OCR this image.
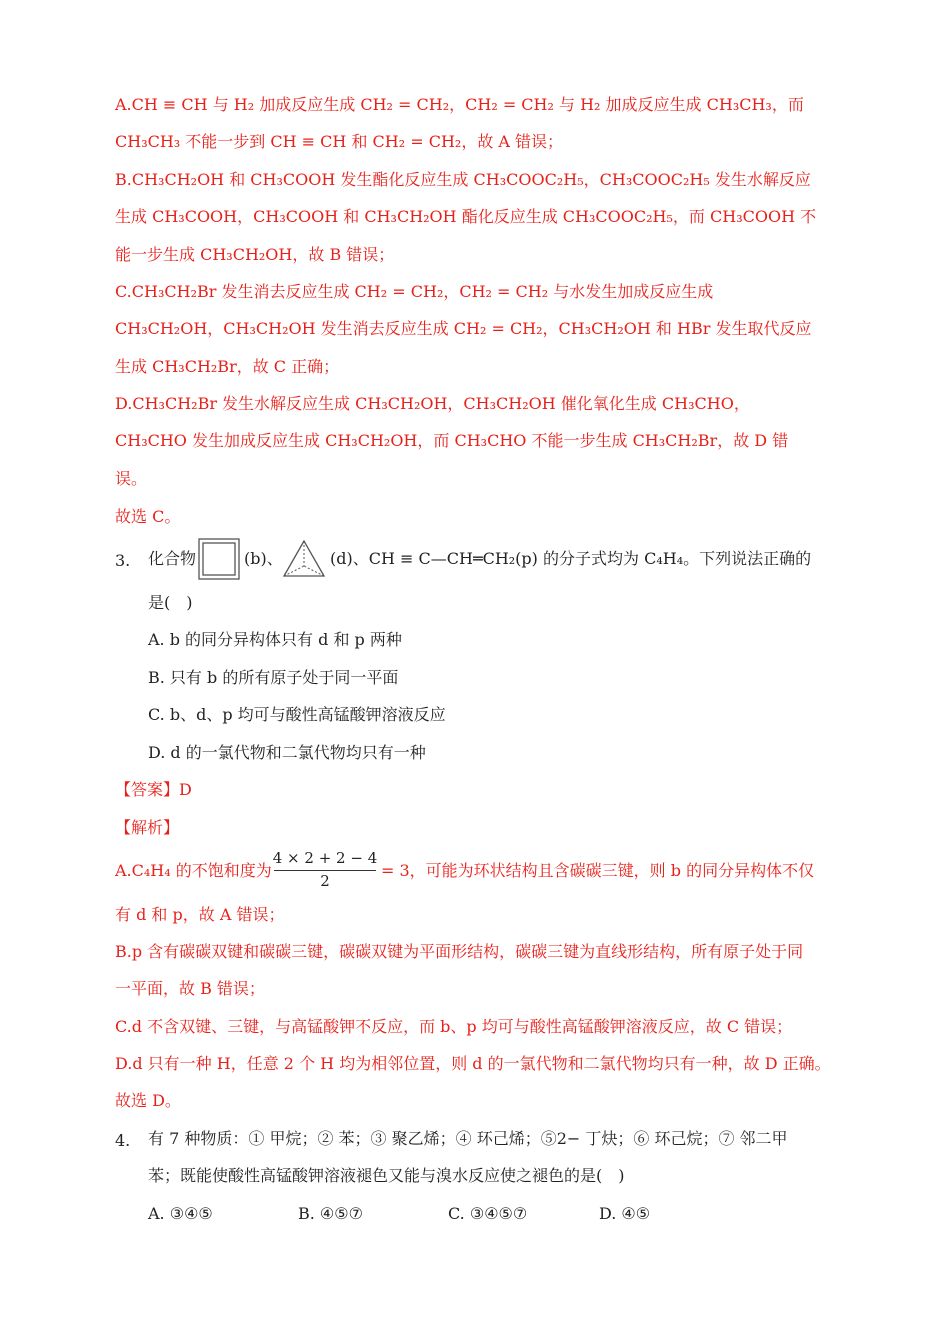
A.CH ≡ CH 与 H₂ 加成反应生成 CH₂ = CH₂，CH₂ = CH₂ 与 H₂ 加成反应生成 CH₃CH₃，而
CH₃CH₃ 不能一步到 CH ≡ CH 和 CH₂ = CH₂，故 A 错误；
B.CH₃CH₂OH 和 CH₃COOH 发生酯化反应生成 CH₃COOC₂H₅，CH₃COOC₂H₅ 发生水解反应
生成 CH₃COOH，CH₃COOH 和 CH₃CH₂OH 酯化反应生成 CH₃COOC₂H₅，而 CH₃COOH 不
能一步生成 CH₃CH₂OH，故 B 错误；
C.CH₃CH₂Br 发生消去反应生成 CH₂ = CH₂，CH₂ = CH₂ 与水发生加成反应生成
CH₃CH₂OH，CH₃CH₂OH 发生消去反应生成 CH₂ = CH₂，CH₃CH₂OH 和 HBr 发生取代反应
生成 CH₃CH₂Br，故 C 正确；
D.CH₃CH₂Br 发生水解反应生成 CH₃CH₂OH，CH₃CH₂OH 催化氧化生成 CH₃CHO，
CH₃CHO 发生加成反应生成 CH₃CH₂OH，而 CH₃CHO 不能一步生成 CH₃CH₂Br，故 D 错
误。
故选 C。
3. 化合物	(b)、	(d)、CH ≡ C—CH═CH₂(p) 的分子式均为 C₄H₄。下列说法正确的
是(　)
A. b 的同分异构体只有 d 和 p 两种
B. 只有 b 的所有原子处于同一平面
C. b、d、p 均可与酸性高锰酸钾溶液反应
D. d 的一氯代物和二氯代物均只有一种
【答案】D
【解析】
A.C₄H₄ 的不饱和度为
4 × 2 + 2 − 4
2
= 3，可能为环状结构且含碳碳三键，则 b 的同分异构体不仅
有 d 和 p，故 A 错误；
B.p 含有碳碳双键和碳碳三键，碳碳双键为平面形结构，碳碳三键为直线形结构，所有原子处于同
一平面，故 B 错误；
C.d 不含双键、三键，与高锰酸钾不反应，而 b、p 均可与酸性高锰酸钾溶液反应，故 C 错误；
D.d 只有一种 H，任意 2 个 H 均为相邻位置，则 d 的一氯代物和二氯代物均只有一种，故 D 正确。
故选 D。
4. 有 7 种物质：① 甲烷；② 苯；③ 聚乙烯；④ 环己烯；⑤2− 丁炔；⑥ 环己烷；⑦ 邻二甲
苯；既能使酸性高锰酸钾溶液褪色又能与溴水反应使之褪色的是(　)
A. ③④⑤	B. ④⑤⑦	C. ③④⑤⑦	D. ④⑤
